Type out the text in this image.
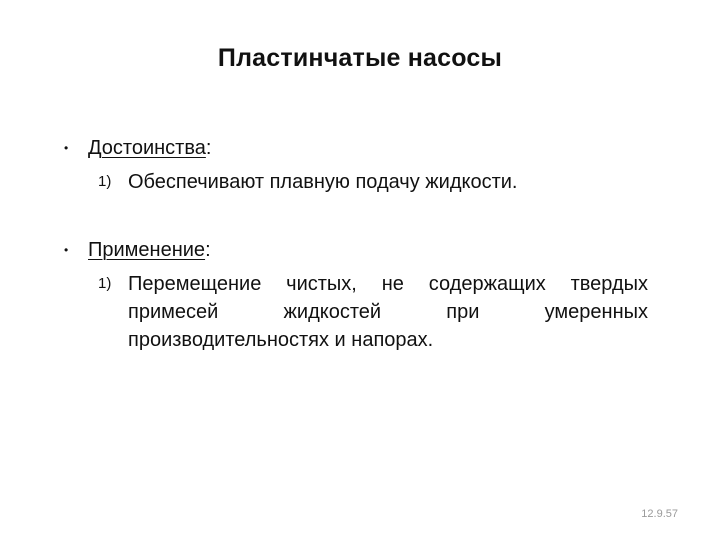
Пластинчатые насосы
• Достоинства:
1) Обеспечивают плавную подачу жидкости.
• Применение:
1) Перемещение чистых, не содержащих твердых примесей жидкостей при умеренных производительностях и напорах.
12.9.57
